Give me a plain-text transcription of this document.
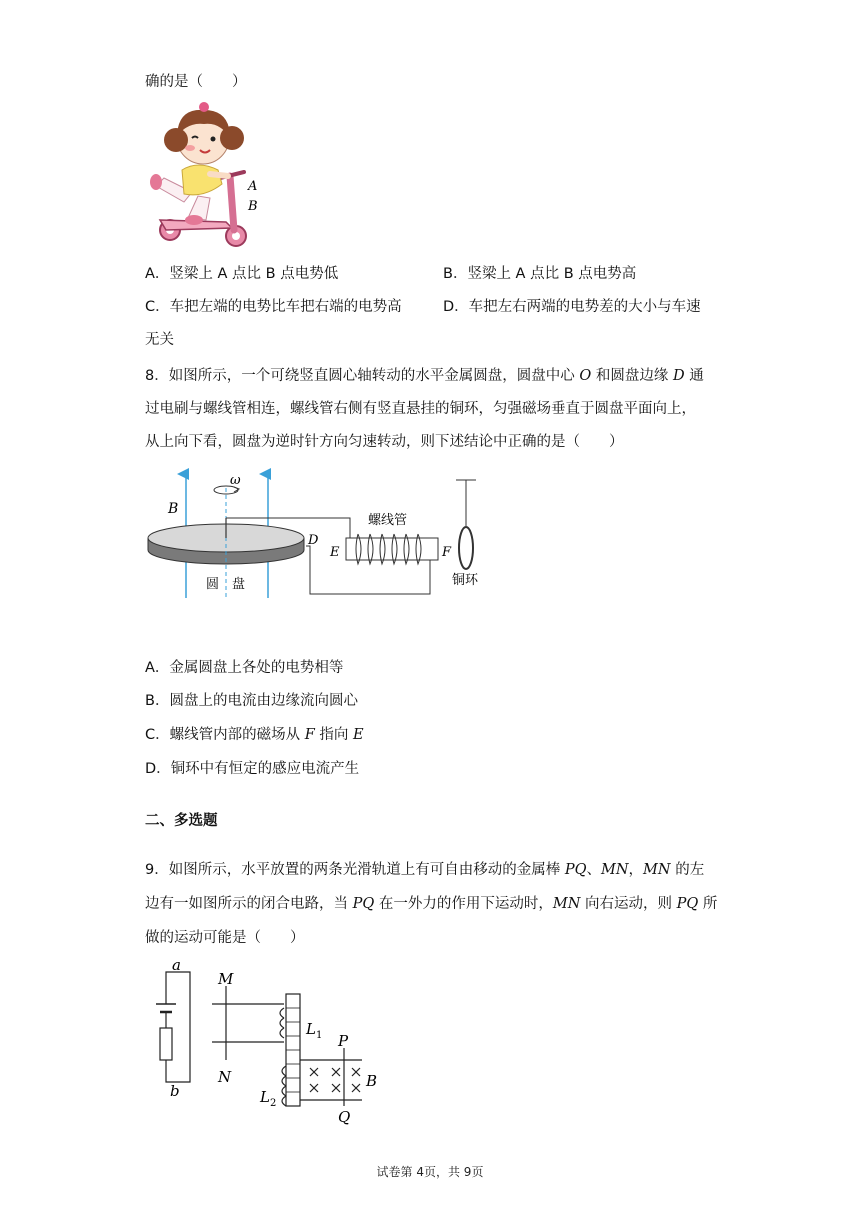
确的是（　　）
A
B
A．竖梁上 A 点比 B 点电势低	B．竖梁上 A 点比 B 点电势高
C．车把左端的电势比车把右端的电势高	D．车把左右两端的电势差的大小与车速
无关
8．如图所示，一个可绕竖直圆心轴转动的水平金属圆盘，圆盘中心 O 和圆盘边缘 D 通
过电刷与螺线管相连，螺线管右侧有竖直悬挂的铜环，匀强磁场垂直于圆盘平面向上，
从上向下看，圆盘为逆时针方向匀速转动，则下述结论中正确的是（　　）
B
ω
D
E	F
螺线管
圆　盘	铜环
A．金属圆盘上各处的电势相等
B．圆盘上的电流由边缘流向圆心
C．螺线管内部的磁场从 F 指向 E
D．铜环中有恒定的感应电流产生
二、多选题
9．如图所示，水平放置的两条光滑轨道上有可自由移动的金属棒 PQ、MN，MN 的左
边有一如图所示的闭合电路，当 PQ 在一外力的作用下运动时，MN 向右运动，则 PQ 所
做的运动可能是（　　）
a
b
M
N
$L_1$
$L_2$
P
Q
B
试卷第 4页，共 9页
